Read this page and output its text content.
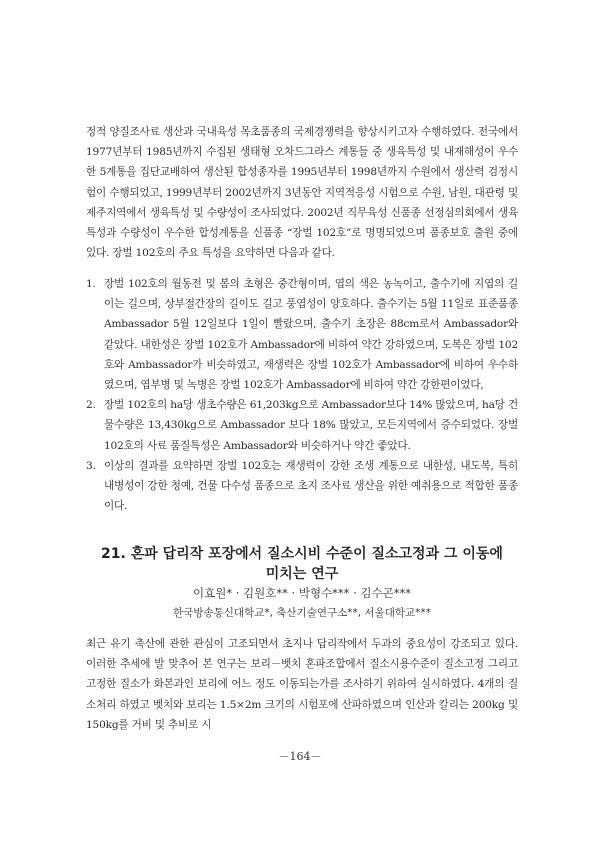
정적 양질조사료 생산과 국내육성 목초품종의 국제경쟁력을 향상시키고자 수행하였다. 전국에서 1977년부터 1985년까지 수집된 생태형 오차드그라스 계통들 중 생육특성 및 내재해성이 우수한 5계통을 집단교배하여 생산된 합성종자를 1995년부터 1998년까지 수원에서 생산력 검정시험이 수행되었고, 1999년부터 2002년까지 3년동안 지역적응성 시험으로 수원, 남원, 대관령 및 제주지역에서 생육특성 및 수량성이 조사되었다. 2002년 직무육성 신품종 선정심의회에서 생육특성과 수량성이 우수한 합성계통을 신품종 “장벌 102호”로 명명되었으며 품종보호 출원 중에 있다. 장벌 102호의 주요 특성을 요약하면 다음과 같다.

1. 장벌 102호의 월동전 및 봄의 초형은 중간형이며, 엽의 색은 농녹이고, 출수기에 지엽의 길이는 길으며, 상부절간장의 길이도 길고 풍엽성이 양호하다. 출수기는 5월 11일로 표준품종 Ambassador 5월 12일보다 1일이 빨랐으며, 출수기 초장은 88cm로서 Ambassador와 같았다. 내한성은 장벌 102호가 Ambassador에 비하여 약간 강하였으며, 도복은 장벌 102호와 Ambassador가 비슷하였고, 재생력은 장벌 102호가 Ambassador에 비하여 우수하였으며, 엽부병 및 녹병은 장벌 102호가 Ambassador에 비하여 약간 강한편이었다,
2. 장벌 102호의 ha당 생초수량은 61,203kg으로 Ambassador보다 14% 많았으며, ha당 건물수량은 13,430kg으로 Ambassador 보다 18% 많았고, 모든지역에서 증수되었다. 장벌 102호의 사료 품질특성은 Ambassador와 비슷하거나 약간 좋았다.
3. 이상의 결과를 요약하면 장벌 102호는 재생력이 강한 조생 계통으로 내한성, 내도복, 특히 내병성이 강한 청예, 건물 다수성 품종으로 초지 조사료 생산을 위한 예취용으로 적합한 품종이다.
21. 혼파 답리작 포장에서 질소시비 수준이 질소고정과 그 이동에
미치는 연구
이효원* · 김원호** · 박형수*** · 김수곤***
한국방송통신대학교*, 축산기술연구소**, 서울대학교***

최근 유기 축산에 관한 관심이 고조되면서 초지나 답리작에서 두과의 중요성이 강조되고 있다. 이러한 추세에 발 맞추어 본 연구는 보리－벳치 혼파조합에서 질소시용수준이 질소고정 그리고 고정한 질소가 화본과인 보리에 어느 정도 이동되는가를 조사하기 위하여 실시하였다. 4개의 질소처리 하였고 벳치와 보리는 1.5×2m 크기의 시험포에 산파하였으며 인산과 칼리는 200kg 및 150kg를 거비 및 추비로 시

－164－
